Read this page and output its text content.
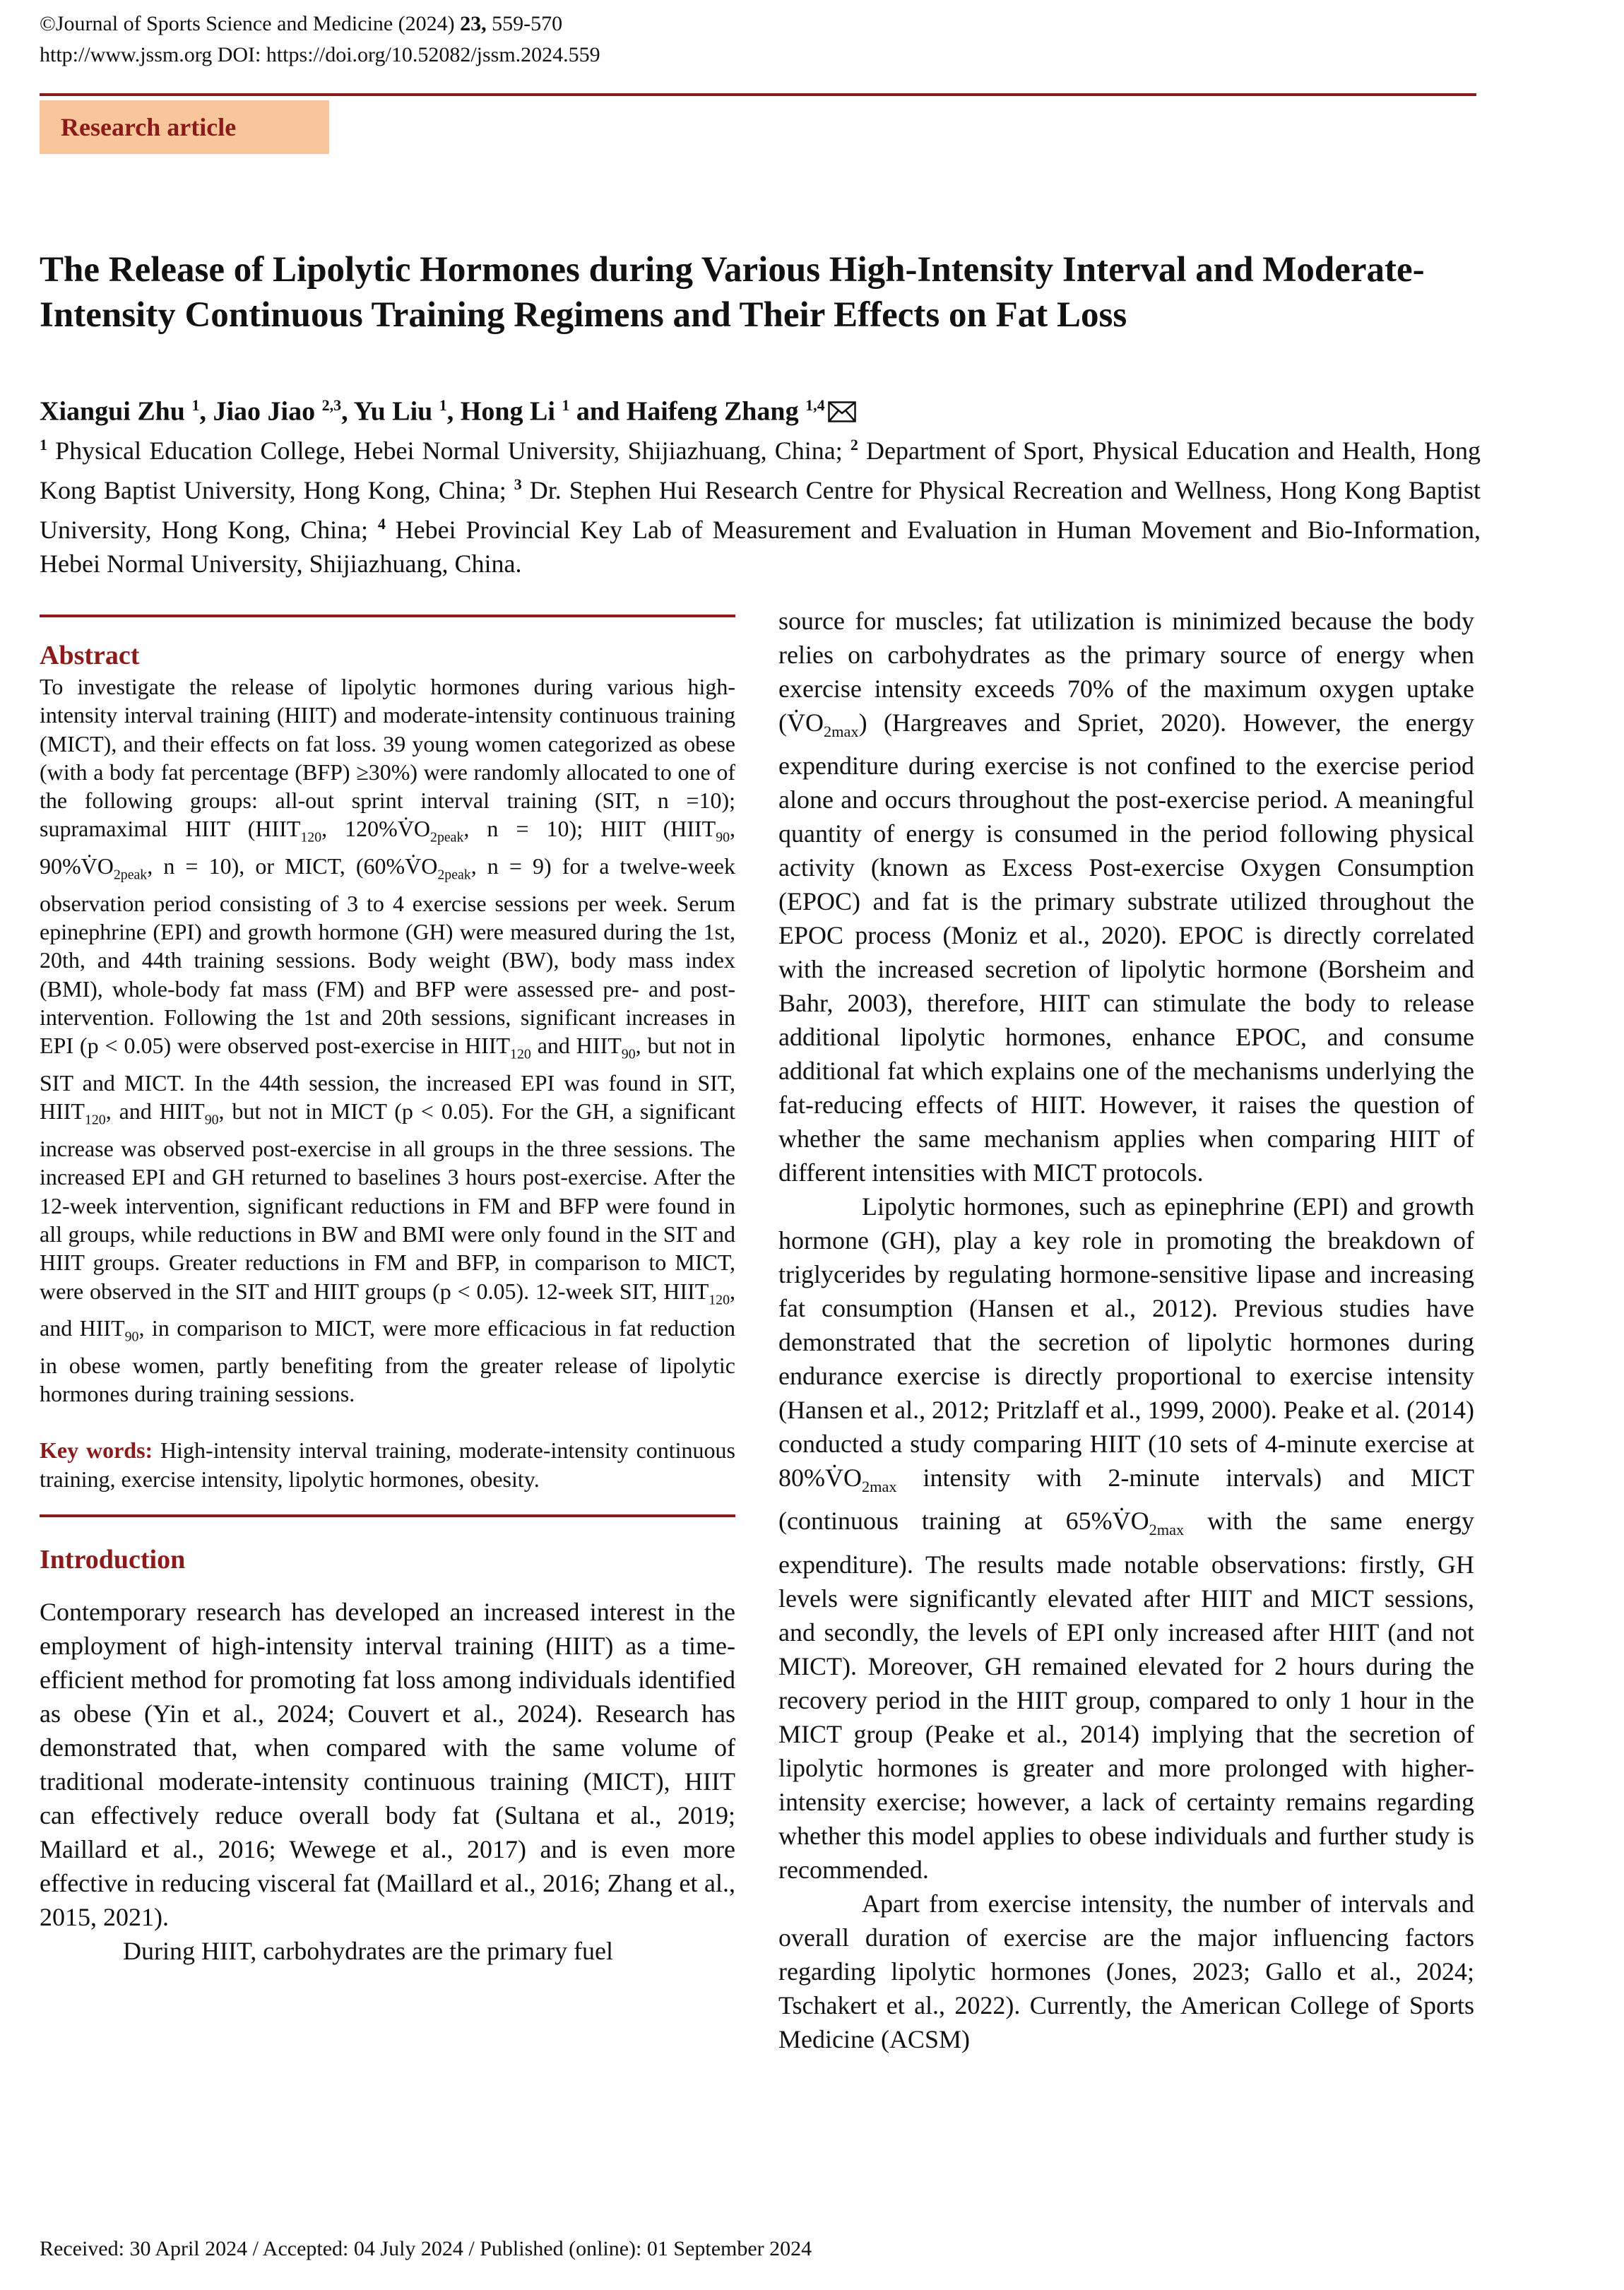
©Journal of Sports Science and Medicine (2024) 23, 559-570
http://www.jssm.org DOI: https://doi.org/10.52082/jssm.2024.559
Research article
The Release of Lipolytic Hormones during Various High-Intensity Interval and Moderate-Intensity Continuous Training Regimens and Their Effects on Fat Loss
Xiangui Zhu $^1$, Jiao Jiao $^{2,3}$, Yu Liu $^1$, Hong Li $^1$ and Haifeng Zhang $^{1,4}$
$^1$ Physical Education College, Hebei Normal University, Shijiazhuang, China; $^2$ Department of Sport, Physical Education and Health, Hong Kong Baptist University, Hong Kong, China; $^3$ Dr. Stephen Hui Research Centre for Physical Recreation and Wellness, Hong Kong Baptist University, Hong Kong, China; $^4$ Hebei Provincial Key Lab of Measurement and Evaluation in Human Movement and Bio-Information, Hebei Normal University, Shijiazhuang, China.
Abstract

To investigate the release of lipolytic hormones during various high-intensity interval training (HIIT) and moderate-intensity continuous training (MICT), and their effects on fat loss. 39 young women categorized as obese (with a body fat percentage (BFP) ≥30%) were randomly allocated to one of the following groups: all-out sprint interval training (SIT, n =10); supramaximal HIIT ($HIIT_{120}$, $120\%V̇O_{2peak}$, n = 10); HIIT ($HIIT_{90}$, $90\%V̇O_{2peak}$, n = 10), or MICT, ($60\%V̇O_{2peak}$, n = 9) for a twelve-week observation period consisting of 3 to 4 exercise sessions per week. Serum epinephrine (EPI) and growth hormone (GH) were measured during the 1st, 20th, and 44th training sessions. Body weight (BW), body mass index (BMI), whole-body fat mass (FM) and BFP were assessed pre- and post-intervention. Following the 1st and 20th sessions, significant increases in EPI (p < 0.05) were observed post-exercise in $HIIT_{120}$ and $HIIT_{90}$, but not in SIT and MICT. In the 44th session, the increased EPI was found in SIT, $HIIT_{120}$, and $HIIT_{90}$, but not in MICT (p < 0.05). For the GH, a significant increase was observed post-exercise in all groups in the three sessions. The increased EPI and GH returned to baselines 3 hours post-exercise. After the 12-week intervention, significant reductions in FM and BFP were found in all groups, while reductions in BW and BMI were only found in the SIT and HIIT groups. Greater reductions in FM and BFP, in comparison to MICT, were observed in the SIT and HIIT groups (p < 0.05). 12-week SIT, $HIIT_{120}$, and $HIIT_{90}$, in comparison to MICT, were more efficacious in fat reduction in obese women, partly benefiting from the greater release of lipolytic hormones during training sessions.

Key words: High-intensity interval training, moderate-intensity continuous training, exercise intensity, lipolytic hormones, obesity.

Introduction

Contemporary research has developed an increased interest in the employment of high-intensity interval training (HIIT) as a time-efficient method for promoting fat loss among individuals identified as obese (Yin et al., 2024; Couvert et al., 2024). Research has demonstrated that, when compared with the same volume of traditional moderate-intensity continuous training (MICT), HIIT can effectively reduce overall body fat (Sultana et al., 2019; Maillard et al., 2016; Wewege et al., 2017) and is even more effective in reducing visceral fat (Maillard et al., 2016; Zhang et al., 2015, 2021).

During HIIT, carbohydrates are the primary fuel

source for muscles; fat utilization is minimized because the body relies on carbohydrates as the primary source of energy when exercise intensity exceeds 70% of the maximum oxygen uptake $(V̇O_{2max})$ (Hargreaves and Spriet, 2020). However, the energy expenditure during exercise is not confined to the exercise period alone and occurs throughout the post-exercise period. A meaningful quantity of energy is consumed in the period following physical activity (known as Excess Post-exercise Oxygen Consumption (EPOC) and fat is the primary substrate utilized throughout the EPOC process (Moniz et al., 2020). EPOC is directly correlated with the increased secretion of lipolytic hormone (Borsheim and Bahr, 2003), therefore, HIIT can stimulate the body to release additional lipolytic hormones, enhance EPOC, and consume additional fat which explains one of the mechanisms underlying the fat-reducing effects of HIIT. However, it raises the question of whether the same mechanism applies when comparing HIIT of different intensities with MICT protocols.

Lipolytic hormones, such as epinephrine (EPI) and growth hormone (GH), play a key role in promoting the breakdown of triglycerides by regulating hormone-sensitive lipase and increasing fat consumption (Hansen et al., 2012). Previous studies have demonstrated that the secretion of lipolytic hormones during endurance exercise is directly proportional to exercise intensity (Hansen et al., 2012; Pritzlaff et al., 1999, 2000). Peake et al. (2014) conducted a study comparing HIIT (10 sets of 4-minute exercise at $80\%V̇O_{2max}$ intensity with 2-minute intervals) and MICT (continuous training at $65\%V̇O_{2max}$ with the same energy expenditure). The results made notable observations: firstly, GH levels were significantly elevated after HIIT and MICT sessions, and secondly, the levels of EPI only increased after HIIT (and not MICT). Moreover, GH remained elevated for 2 hours during the recovery period in the HIIT group, compared to only 1 hour in the MICT group (Peake et al., 2014) implying that the secretion of lipolytic hormones is greater and more prolonged with higher-intensity exercise; however, a lack of certainty remains regarding whether this model applies to obese individuals and further study is recommended.

Apart from exercise intensity, the number of intervals and overall duration of exercise are the major influencing factors regarding lipolytic hormones (Jones, 2023; Gallo et al., 2024; Tschakert et al., 2022). Currently, the American College of Sports Medicine (ACSM)

Received: 30 April 2024 / Accepted: 04 July 2024 / Published (online): 01 September 2024
